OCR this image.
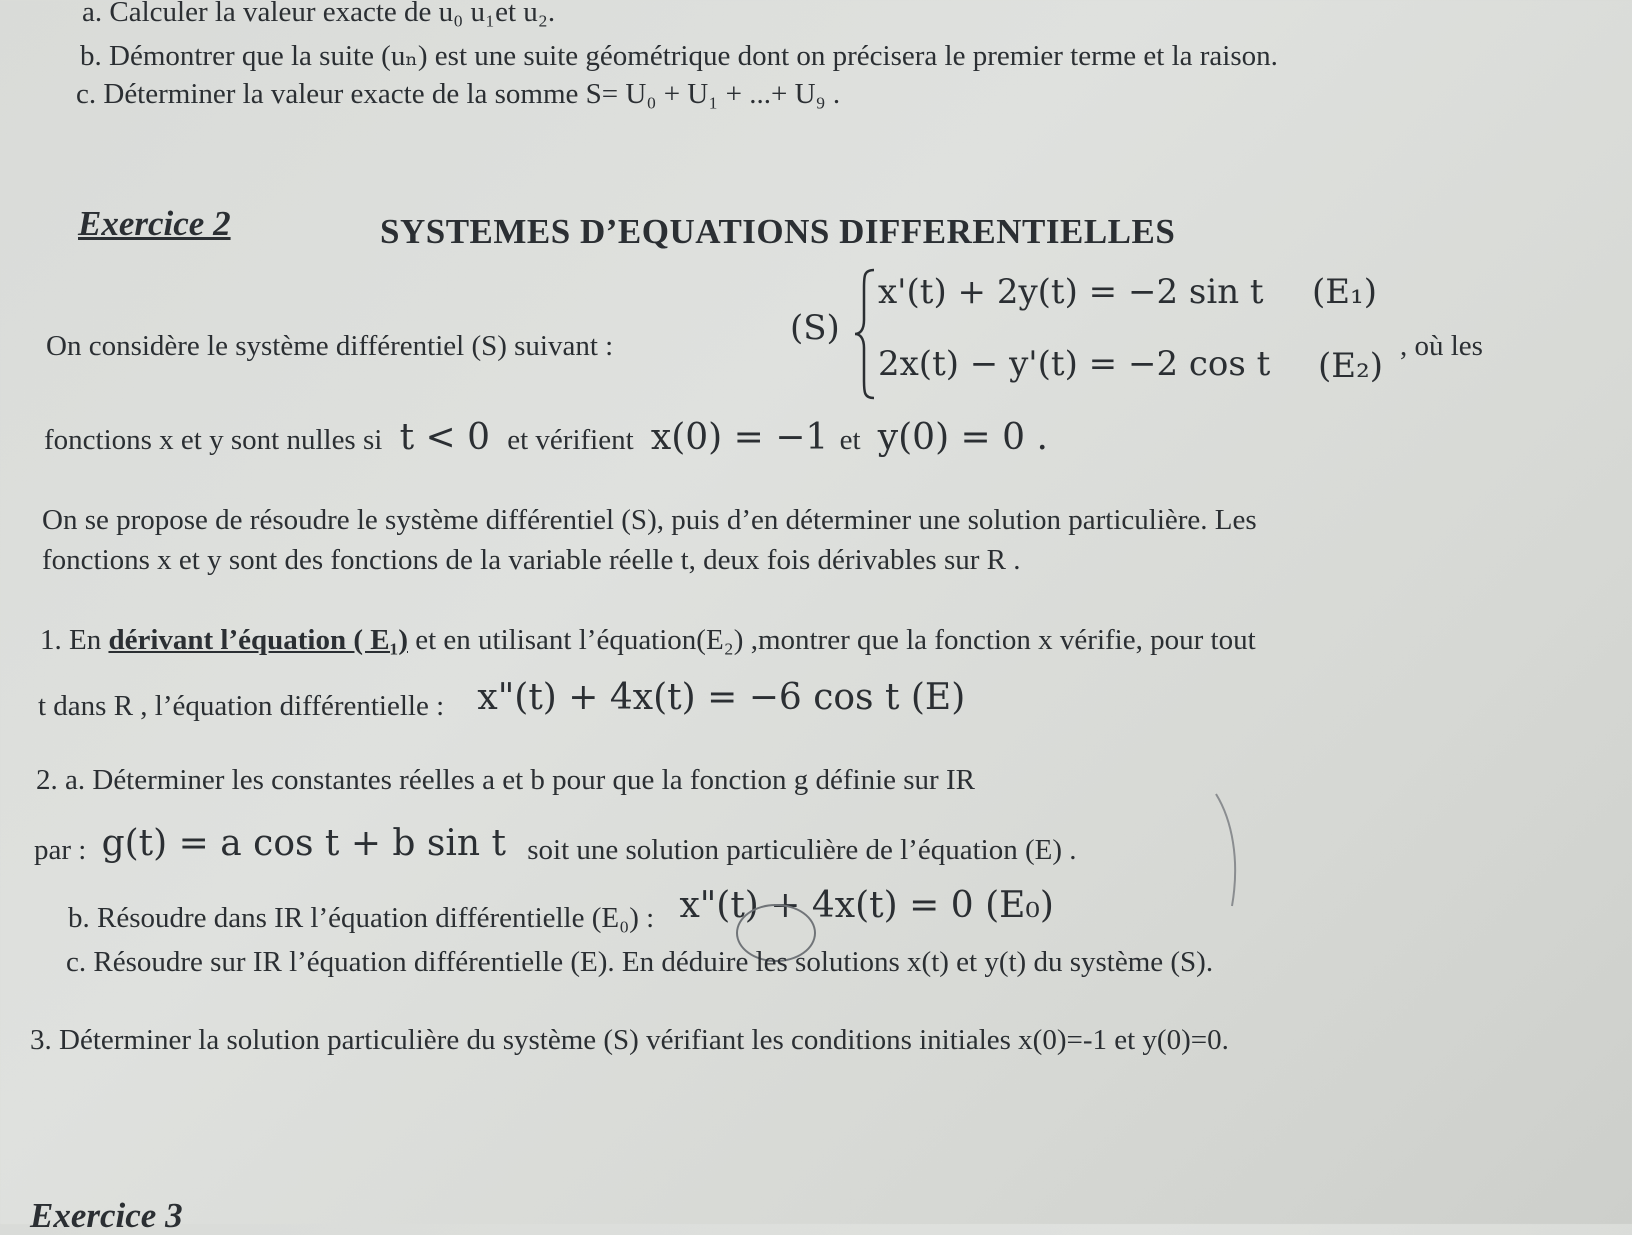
a. Calculer la valeur exacte de u₀ u₁et u₂.
b. Démontrer que la suite (uₙ) est une suite géométrique dont on précisera le premier terme et la raison.
c. Déterminer la valeur exacte de la somme S= U₀ + U₁ + ...+ U₉ .
Exercice 2	SYSTEMES D’EQUATIONS DIFFERENTIELLES
On considère le système différentiel (S) suivant :	(S)
x'(t) + 2y(t) = −2 sin t (E₁)
2x(t) − y'(t) = −2 cos t (E₂) , où les
fonctions x et y sont nulles si t < 0 et vérifient x(0) = −1 et y(0) = 0 .
On se propose de résoudre le système différentiel (S), puis d’en déterminer une solution particulière. Les
fonctions x et y sont des fonctions de la variable réelle t, deux fois dérivables sur R .
1. En dérivant l’équation ( E₁) et en utilisant l’équation(E₂) ,montrer que la fonction x vérifie, pour tout
t dans R , l’équation différentielle : x"(t) + 4x(t) = −6 cos t (E)
2. a. Déterminer les constantes réelles a et b pour que la fonction g définie sur IR
par : g(t) = a cos t + b sin t soit une solution particulière de l’équation (E) .
b. Résoudre dans IR l’équation différentielle (E₀) : x"(t) + 4x(t) = 0 (E₀)
c. Résoudre sur IR l’équation différentielle (E). En déduire les solutions x(t) et y(t) du système (S).
3. Déterminer la solution particulière du système (S) vérifiant les conditions initiales x(0)=-1 et y(0)=0.
Exercice 3
